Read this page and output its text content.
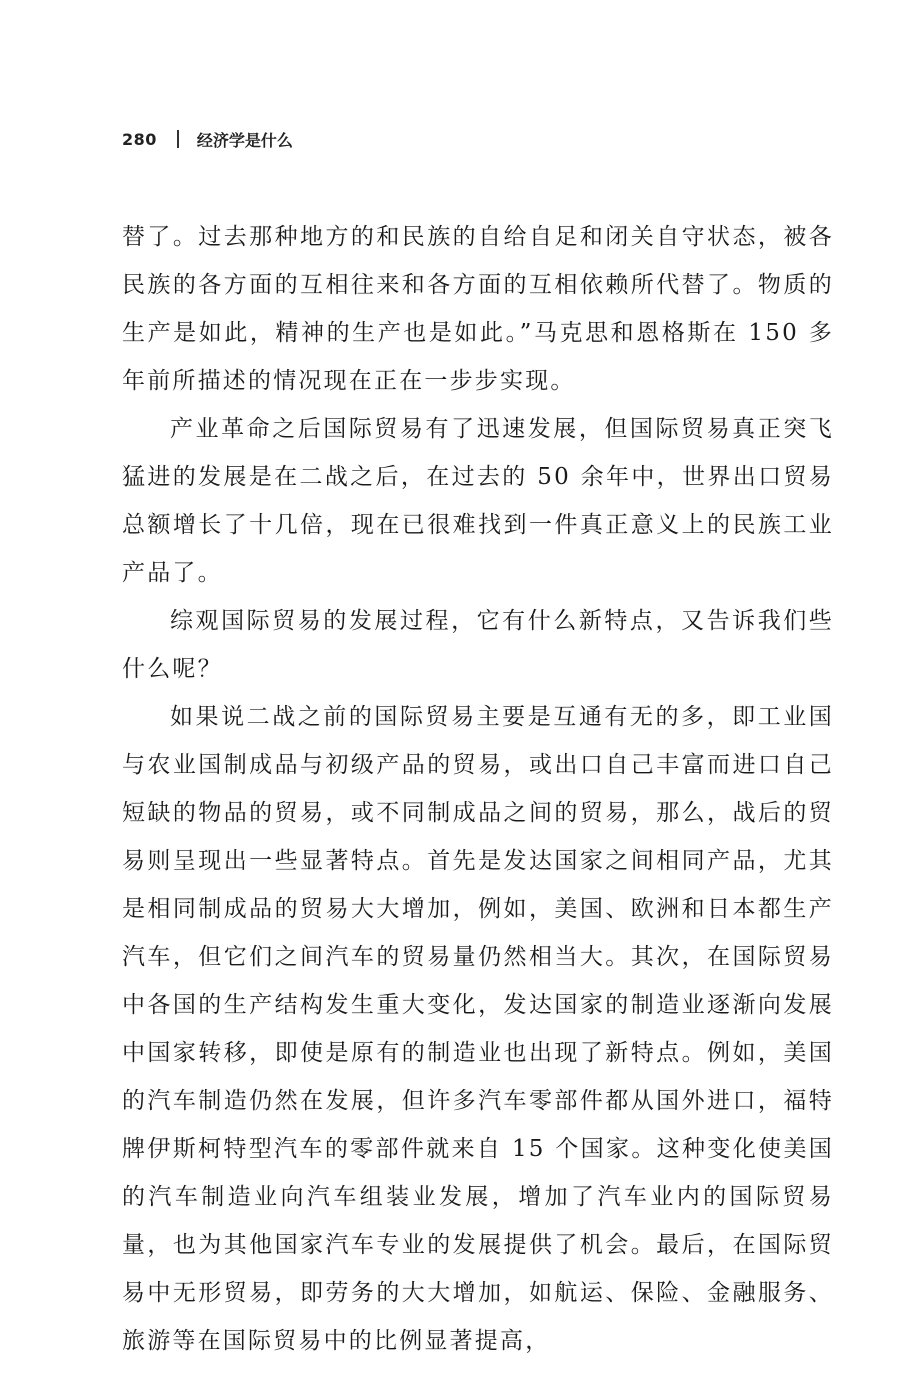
280	经济学是什么

替了。过去那种地方的和民族的自给自足和闭关自守状态，被各民族的各方面的互相往来和各方面的互相依赖所代替了。物质的生产是如此，精神的生产也是如此。”马克思和恩格斯在 150 多年前所描述的情况现在正在一步步实现。

产业革命之后国际贸易有了迅速发展，但国际贸易真正突飞猛进的发展是在二战之后，在过去的 50 余年中，世界出口贸易总额增长了十几倍，现在已很难找到一件真正意义上的民族工业产品了。

综观国际贸易的发展过程，它有什么新特点，又告诉我们些什么呢？

如果说二战之前的国际贸易主要是互通有无的多，即工业国与农业国制成品与初级产品的贸易，或出口自己丰富而进口自己短缺的物品的贸易，或不同制成品之间的贸易，那么，战后的贸易则呈现出一些显著特点。首先是发达国家之间相同产品，尤其是相同制成品的贸易大大增加，例如，美国、欧洲和日本都生产汽车，但它们之间汽车的贸易量仍然相当大。其次，在国际贸易中各国的生产结构发生重大变化，发达国家的制造业逐渐向发展中国家转移，即使是原有的制造业也出现了新特点。例如，美国的汽车制造仍然在发展，但许多汽车零部件都从国外进口，福特牌伊斯柯特型汽车的零部件就来自 15 个国家。这种变化使美国的汽车制造业向汽车组装业发展，增加了汽车业内的国际贸易量，也为其他国家汽车专业的发展提供了机会。最后，在国际贸易中无形贸易，即劳务的大大增加，如航运、保险、金融服务、旅游等在国际贸易中的比例显著提高，
